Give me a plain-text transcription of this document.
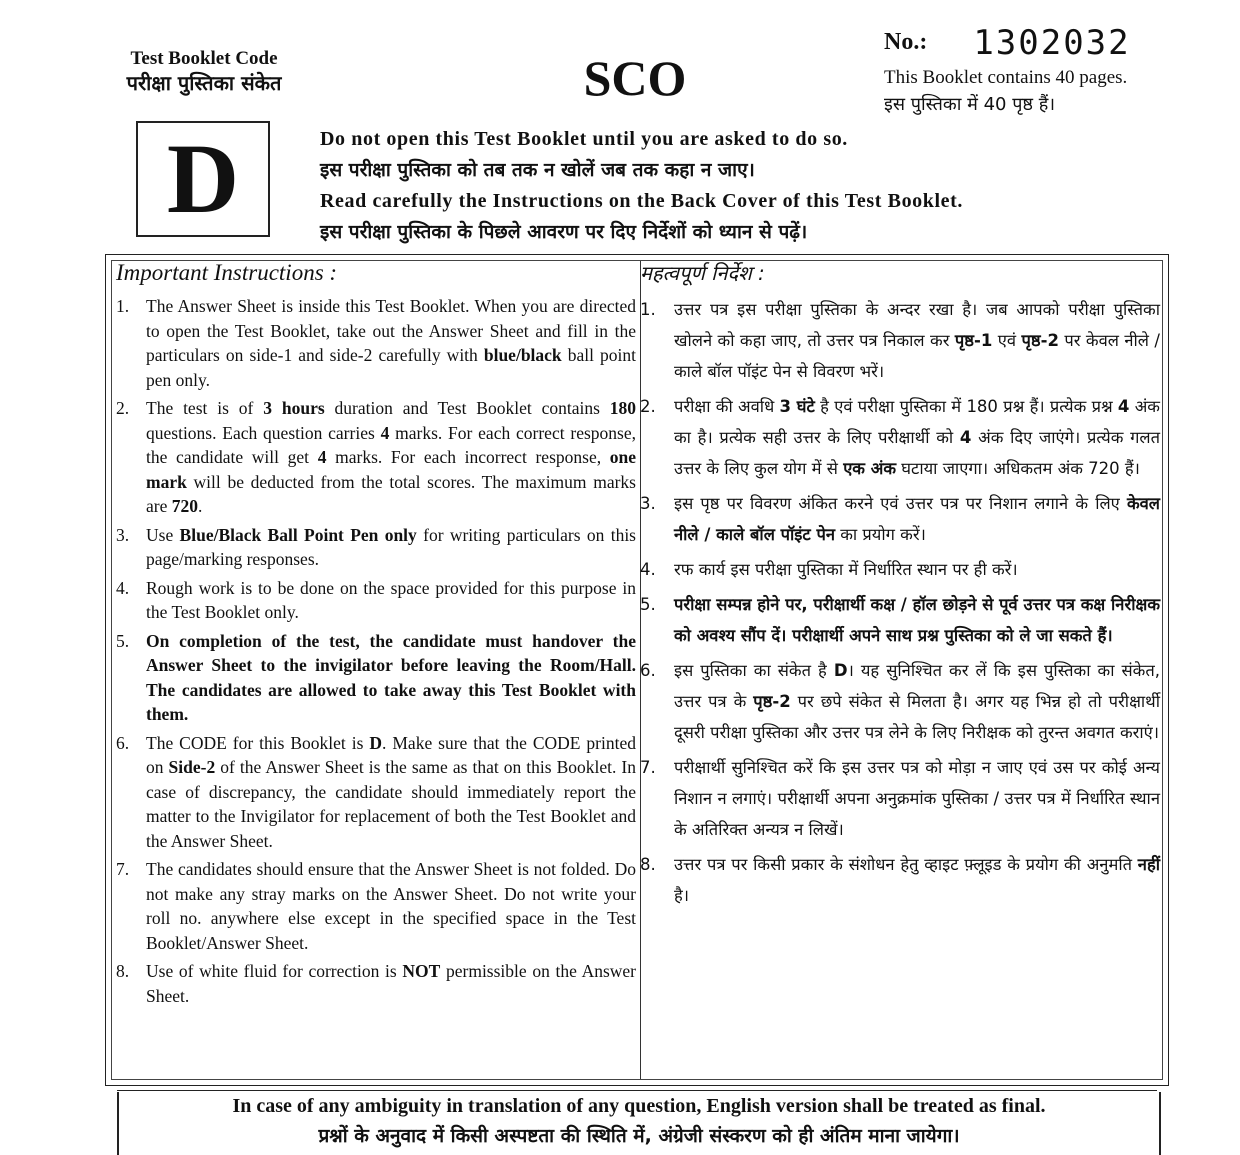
Test Booklet Code
परीक्षा पुस्तिका संकेत	SCO
No.: 1302032
This Booklet contains 40 pages.
इस पुस्तिका में 40 पृष्ठ हैं।
D	Do not open this Test Booklet until you are asked to do so.
इस परीक्षा पुस्तिका को तब तक न खोलें जब तक कहा न जाए।
Read carefully the Instructions on the Back Cover of this Test Booklet.
इस परीक्षा पुस्तिका के पिछले आवरण पर दिए निर्देशों को ध्यान से पढ़ें।
Important Instructions :
1. The Answer Sheet is inside this Test Booklet. When you are directed to open the Test Booklet, take out the Answer Sheet and fill in the particulars on side-1 and side-2 carefully with blue/black ball point pen only.
2. The test is of 3 hours duration and Test Booklet contains 180 questions. Each question carries 4 marks. For each correct response, the candidate will get 4 marks. For each incorrect response, one mark will be deducted from the total scores. The maximum marks are 720.
3. Use Blue/Black Ball Point Pen only for writing particulars on this page/marking responses.
4. Rough work is to be done on the space provided for this purpose in the Test Booklet only.
5. On completion of the test, the candidate must handover the Answer Sheet to the invigilator before leaving the Room/Hall. The candidates are allowed to take away this Test Booklet with them.
6. The CODE for this Booklet is D. Make sure that the CODE printed on Side-2 of the Answer Sheet is the same as that on this Booklet. In case of discrepancy, the candidate should immediately report the matter to the Invigilator for replacement of both the Test Booklet and the Answer Sheet.
7. The candidates should ensure that the Answer Sheet is not folded. Do not make any stray marks on the Answer Sheet. Do not write your roll no. anywhere else except in the specified space in the Test Booklet/Answer Sheet.
8. Use of white fluid for correction is NOT permissible on the Answer Sheet.
महत्वपूर्ण निर्देश :
1.	उत्तर पत्र इस परीक्षा पुस्तिका के अन्दर रखा है। जब आपको परीक्षा पुस्तिका खोलने को कहा जाए, तो उत्तर पत्र निकाल कर पृष्ठ-1 एवं पृष्ठ-2 पर केवल नीले / काले बॉल पॉइंट पेन से विवरण भरें।
2.	परीक्षा की अवधि 3 घंटे है एवं परीक्षा पुस्तिका में 180 प्रश्न हैं। प्रत्येक प्रश्न 4 अंक का है। प्रत्येक सही उत्तर के लिए परीक्षार्थी को 4 अंक दिए जाएंगे। प्रत्येक गलत उत्तर के लिए कुल योग में से एक अंक घटाया जाएगा। अधिकतम अंक 720 हैं।
3.	इस पृष्ठ पर विवरण अंकित करने एवं उत्तर पत्र पर निशान लगाने के लिए केवल नीले / काले बॉल पॉइंट पेन का प्रयोग करें।
4.	रफ कार्य इस परीक्षा पुस्तिका में निर्धारित स्थान पर ही करें।
5.	परीक्षा सम्पन्न होने पर, परीक्षार्थी कक्ष / हॉल छोड़ने से पूर्व उत्तर पत्र कक्ष निरीक्षक को अवश्य सौंप दें। परीक्षार्थी अपने साथ प्रश्न पुस्तिका को ले जा सकते हैं।
6.	इस पुस्तिका का संकेत है D। यह सुनिश्चित कर लें कि इस पुस्तिका का संकेत, उत्तर पत्र के पृष्ठ-2 पर छपे संकेत से मिलता है। अगर यह भिन्न हो तो परीक्षार्थी दूसरी परीक्षा पुस्तिका और उत्तर पत्र लेने के लिए निरीक्षक को तुरन्त अवगत कराएं।
7.	परीक्षार्थी सुनिश्चित करें कि इस उत्तर पत्र को मोड़ा न जाए एवं उस पर कोई अन्य निशान न लगाएं। परीक्षार्थी अपना अनुक्रमांक पुस्तिका / उत्तर पत्र में निर्धारित स्थान के अतिरिक्त अन्यत्र न लिखें।
8.	उत्तर पत्र पर किसी प्रकार के संशोधन हेतु व्हाइट फ़्लूइड के प्रयोग की अनुमति नहीं है।
In case of any ambiguity in translation of any question, English version shall be treated as final.
प्रश्नों के अनुवाद में किसी अस्पष्टता की स्थिति में, अंग्रेजी संस्करण को ही अंतिम माना जायेगा।
